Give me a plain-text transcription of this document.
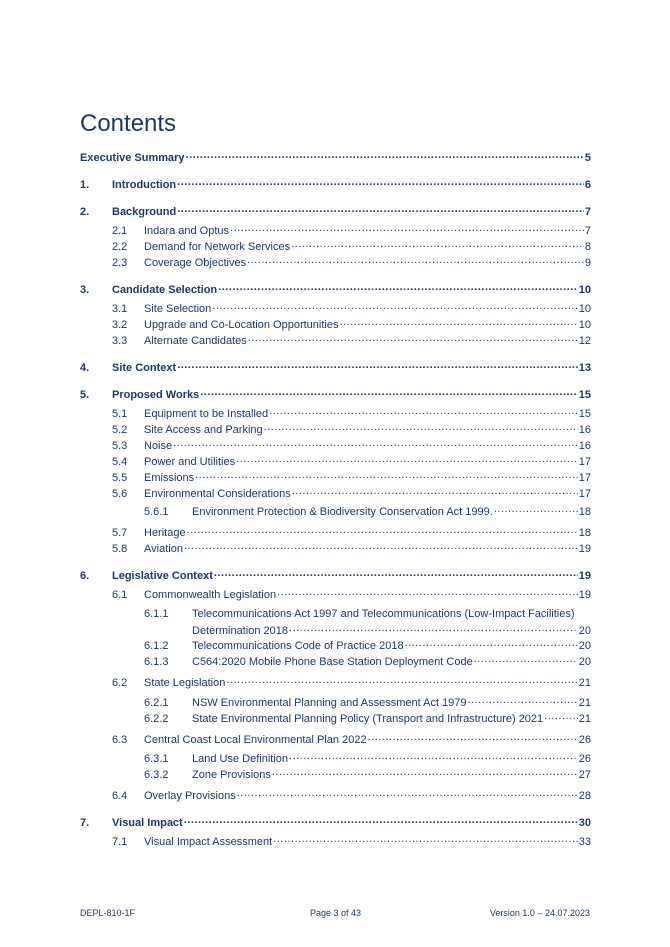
Contents
Executive Summary .....	5
1.	Introduction .....	6
2.	Background .....	7
2.1	Indara and Optus .....	7
2.2	Demand for Network Services .....	8
2.3	Coverage Objectives .....	9
3.	Candidate Selection .....	10
3.1	Site Selection .....	10
3.2	Upgrade and Co-Location Opportunities .....	10
3.3	Alternate Candidates .....	12
4.	Site Context .....	13
5.	Proposed Works .....	15
5.1	Equipment to be Installed .....	15
5.2	Site Access and Parking .....	16
5.3	Noise .....	16
5.4	Power and Utilities .....	17
5.5	Emissions .....	17
5.6	Environmental Considerations .....	17
5.6.1	Environment Protection & Biodiversity Conservation Act 1999. .....	18
5.7	Heritage .....	18
5.8	Aviation .....	19
6.	Legislative Context .....	19
6.1	Commonwealth Legislation .....	19
6.1.1	Telecommunications Act 1997 and Telecommunications (Low-Impact Facilities)
Determination 2018 .....	20
6.1.2	Telecommunications Code of Practice 2018 .....	20
6.1.3	C564:2020 Mobile Phone Base Station Deployment Code .....	20
6.2	State Legislation .....	21
6.2.1	NSW Environmental Planning and Assessment Act 1979 .....	21
6.2.2	State Environmental Planning Policy (Transport and Infrastructure) 2021 .....	21
6.3	Central Coast Local Environmental Plan 2022 .....	26
6.3.1	Land Use Definition .....	26
6.3.2	Zone Provisions .....	27
6.4	Overlay Provisions .....	28
7.	Visual Impact .....	30
7.1	Visual Impact Assessment .....	33
DEPL-810-1F	Page 3 of 43	Version 1.0 – 24.07.2023
